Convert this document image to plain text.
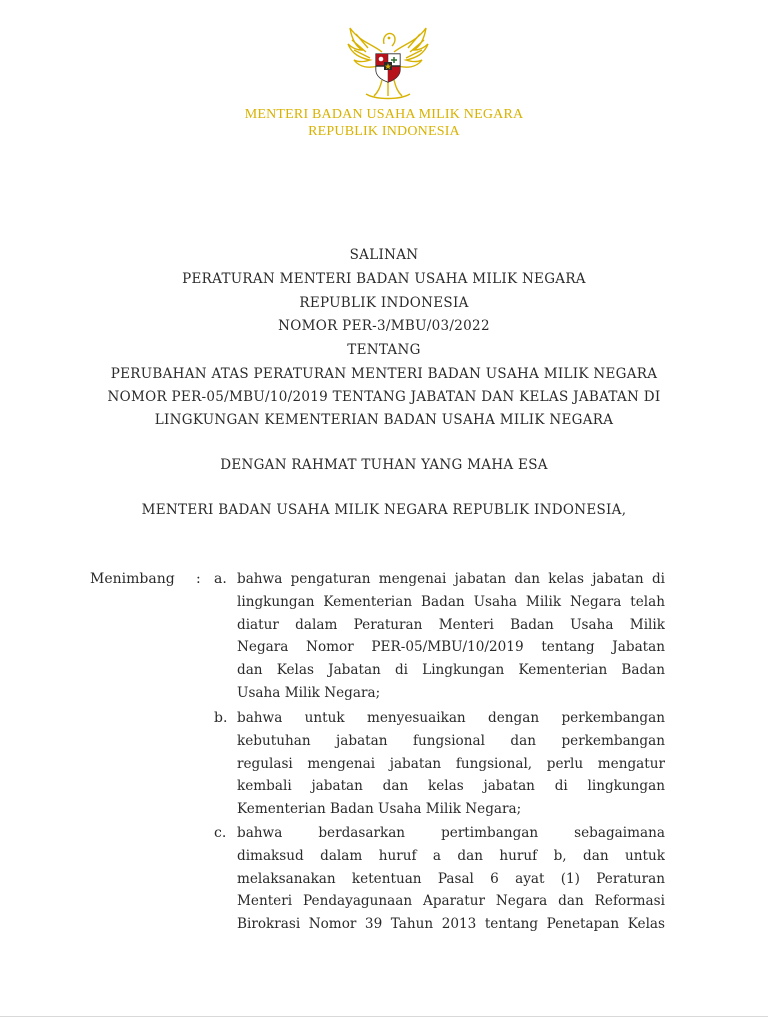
MENTERI BADAN USAHA MILIK NEGARA
REPUBLIK INDONESIA
SALINAN
PERATURAN MENTERI BADAN USAHA MILIK NEGARA
REPUBLIK INDONESIA
NOMOR PER-3/MBU/03/2022
TENTANG
PERUBAHAN ATAS PERATURAN MENTERI BADAN USAHA MILIK NEGARA
NOMOR PER-05/MBU/10/2019 TENTANG JABATAN DAN KELAS JABATAN DI
LINGKUNGAN KEMENTERIAN BADAN USAHA MILIK NEGARA
DENGAN RAHMAT TUHAN YANG MAHA ESA
MENTERI BADAN USAHA MILIK NEGARA REPUBLIK INDONESIA,
Menimbang : a. bahwa pengaturan mengenai jabatan dan kelas jabatan di
lingkungan Kementerian Badan Usaha Milik Negara telah
diatur dalam Peraturan Menteri Badan Usaha Milik
Negara Nomor PER-05/MBU/10/2019 tentang Jabatan
dan Kelas Jabatan di Lingkungan Kementerian Badan
Usaha Milik Negara;
b. bahwa untuk menyesuaikan dengan perkembangan
kebutuhan jabatan fungsional dan perkembangan
regulasi mengenai jabatan fungsional, perlu mengatur
kembali jabatan dan kelas jabatan di lingkungan
Kementerian Badan Usaha Milik Negara;
c. bahwa berdasarkan pertimbangan sebagaimana
dimaksud dalam huruf a dan huruf b, dan untuk
melaksanakan ketentuan Pasal 6 ayat (1) Peraturan
Menteri Pendayagunaan Aparatur Negara dan Reformasi
Birokrasi Nomor 39 Tahun 2013 tentang Penetapan Kelas
